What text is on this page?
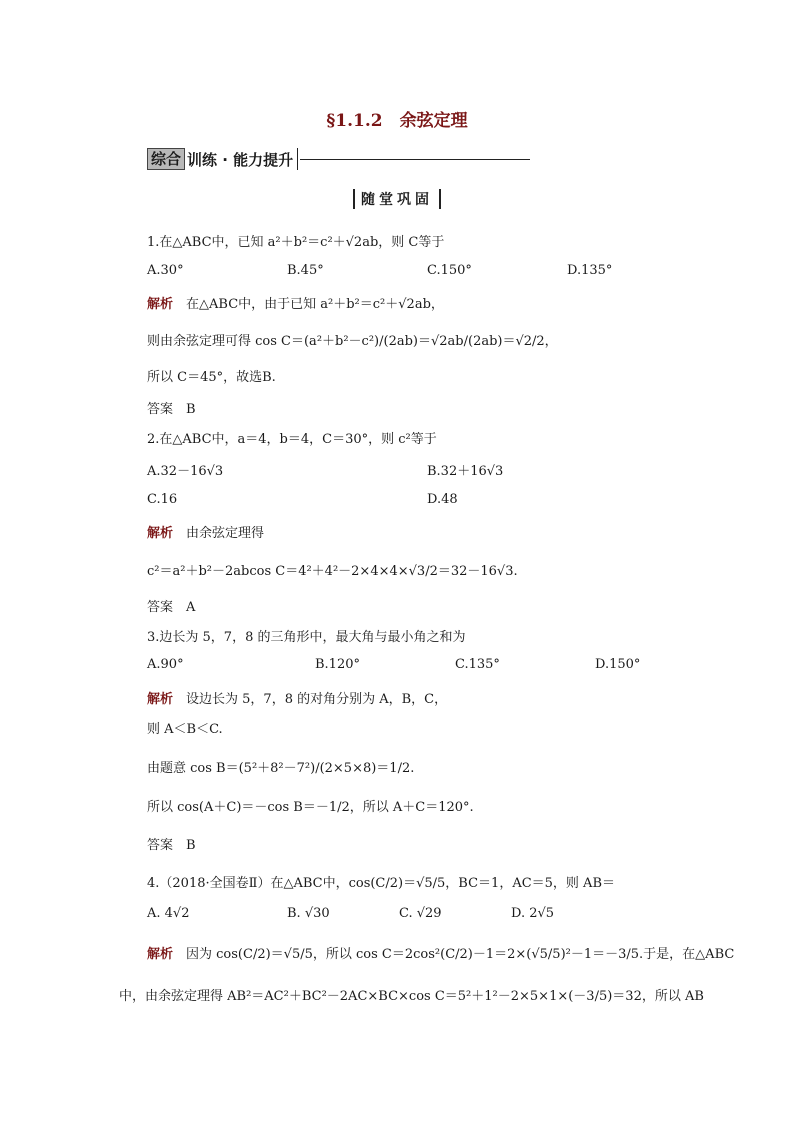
§1.1.2　余弦定理
综合 训练 · 能力提升
随堂巩固
1.在△ABC中，已知 a²＋b²＝c²＋√2ab，则 C等于
A.30°	B.45°	C.150°	D.135°
解析　在△ABC中，由于已知 a²＋b²＝c²＋√2ab，
则由余弦定理可得 cos C＝(a²＋b²－c²)/(2ab)＝√2ab/(2ab)＝√2/2，
所以 C＝45°，故选B.
答案　B
2.在△ABC中，a＝4，b＝4，C＝30°，则 c²等于
A.32－16√3	B.32＋16√3
C.16	D.48
解析　由余弦定理得
c²＝a²＋b²－2abcos C＝4²＋4²－2×4×4×√3/2＝32－16√3.
答案　A
3.边长为 5，7，8 的三角形中，最大角与最小角之和为
A.90°	B.120°	C.135°	D.150°
解析　设边长为 5，7，8 的对角分别为 A，B，C，
则 A＜B＜C.
由题意 cos B＝(5²＋8²－7²)/(2×5×8)＝1/2.
所以 cos(A＋C)＝－cos B＝－1/2，所以 A＋C＝120°.
答案　B
4.（2018·全国卷Ⅱ）在△ABC中，cos(C/2)＝√5/5，BC＝1，AC＝5，则 AB＝
A. 4√2	B. √30	C. √29	D. 2√5
解析　因为 cos(C/2)＝√5/5，所以 cos C＝2cos²(C/2)－1＝2×(√5/5)²－1＝－3/5.于是，在△ABC
中，由余弦定理得 AB²＝AC²＋BC²－2AC×BC×cos C＝5²＋1²－2×5×1×(－3/5)＝32，所以 AB
